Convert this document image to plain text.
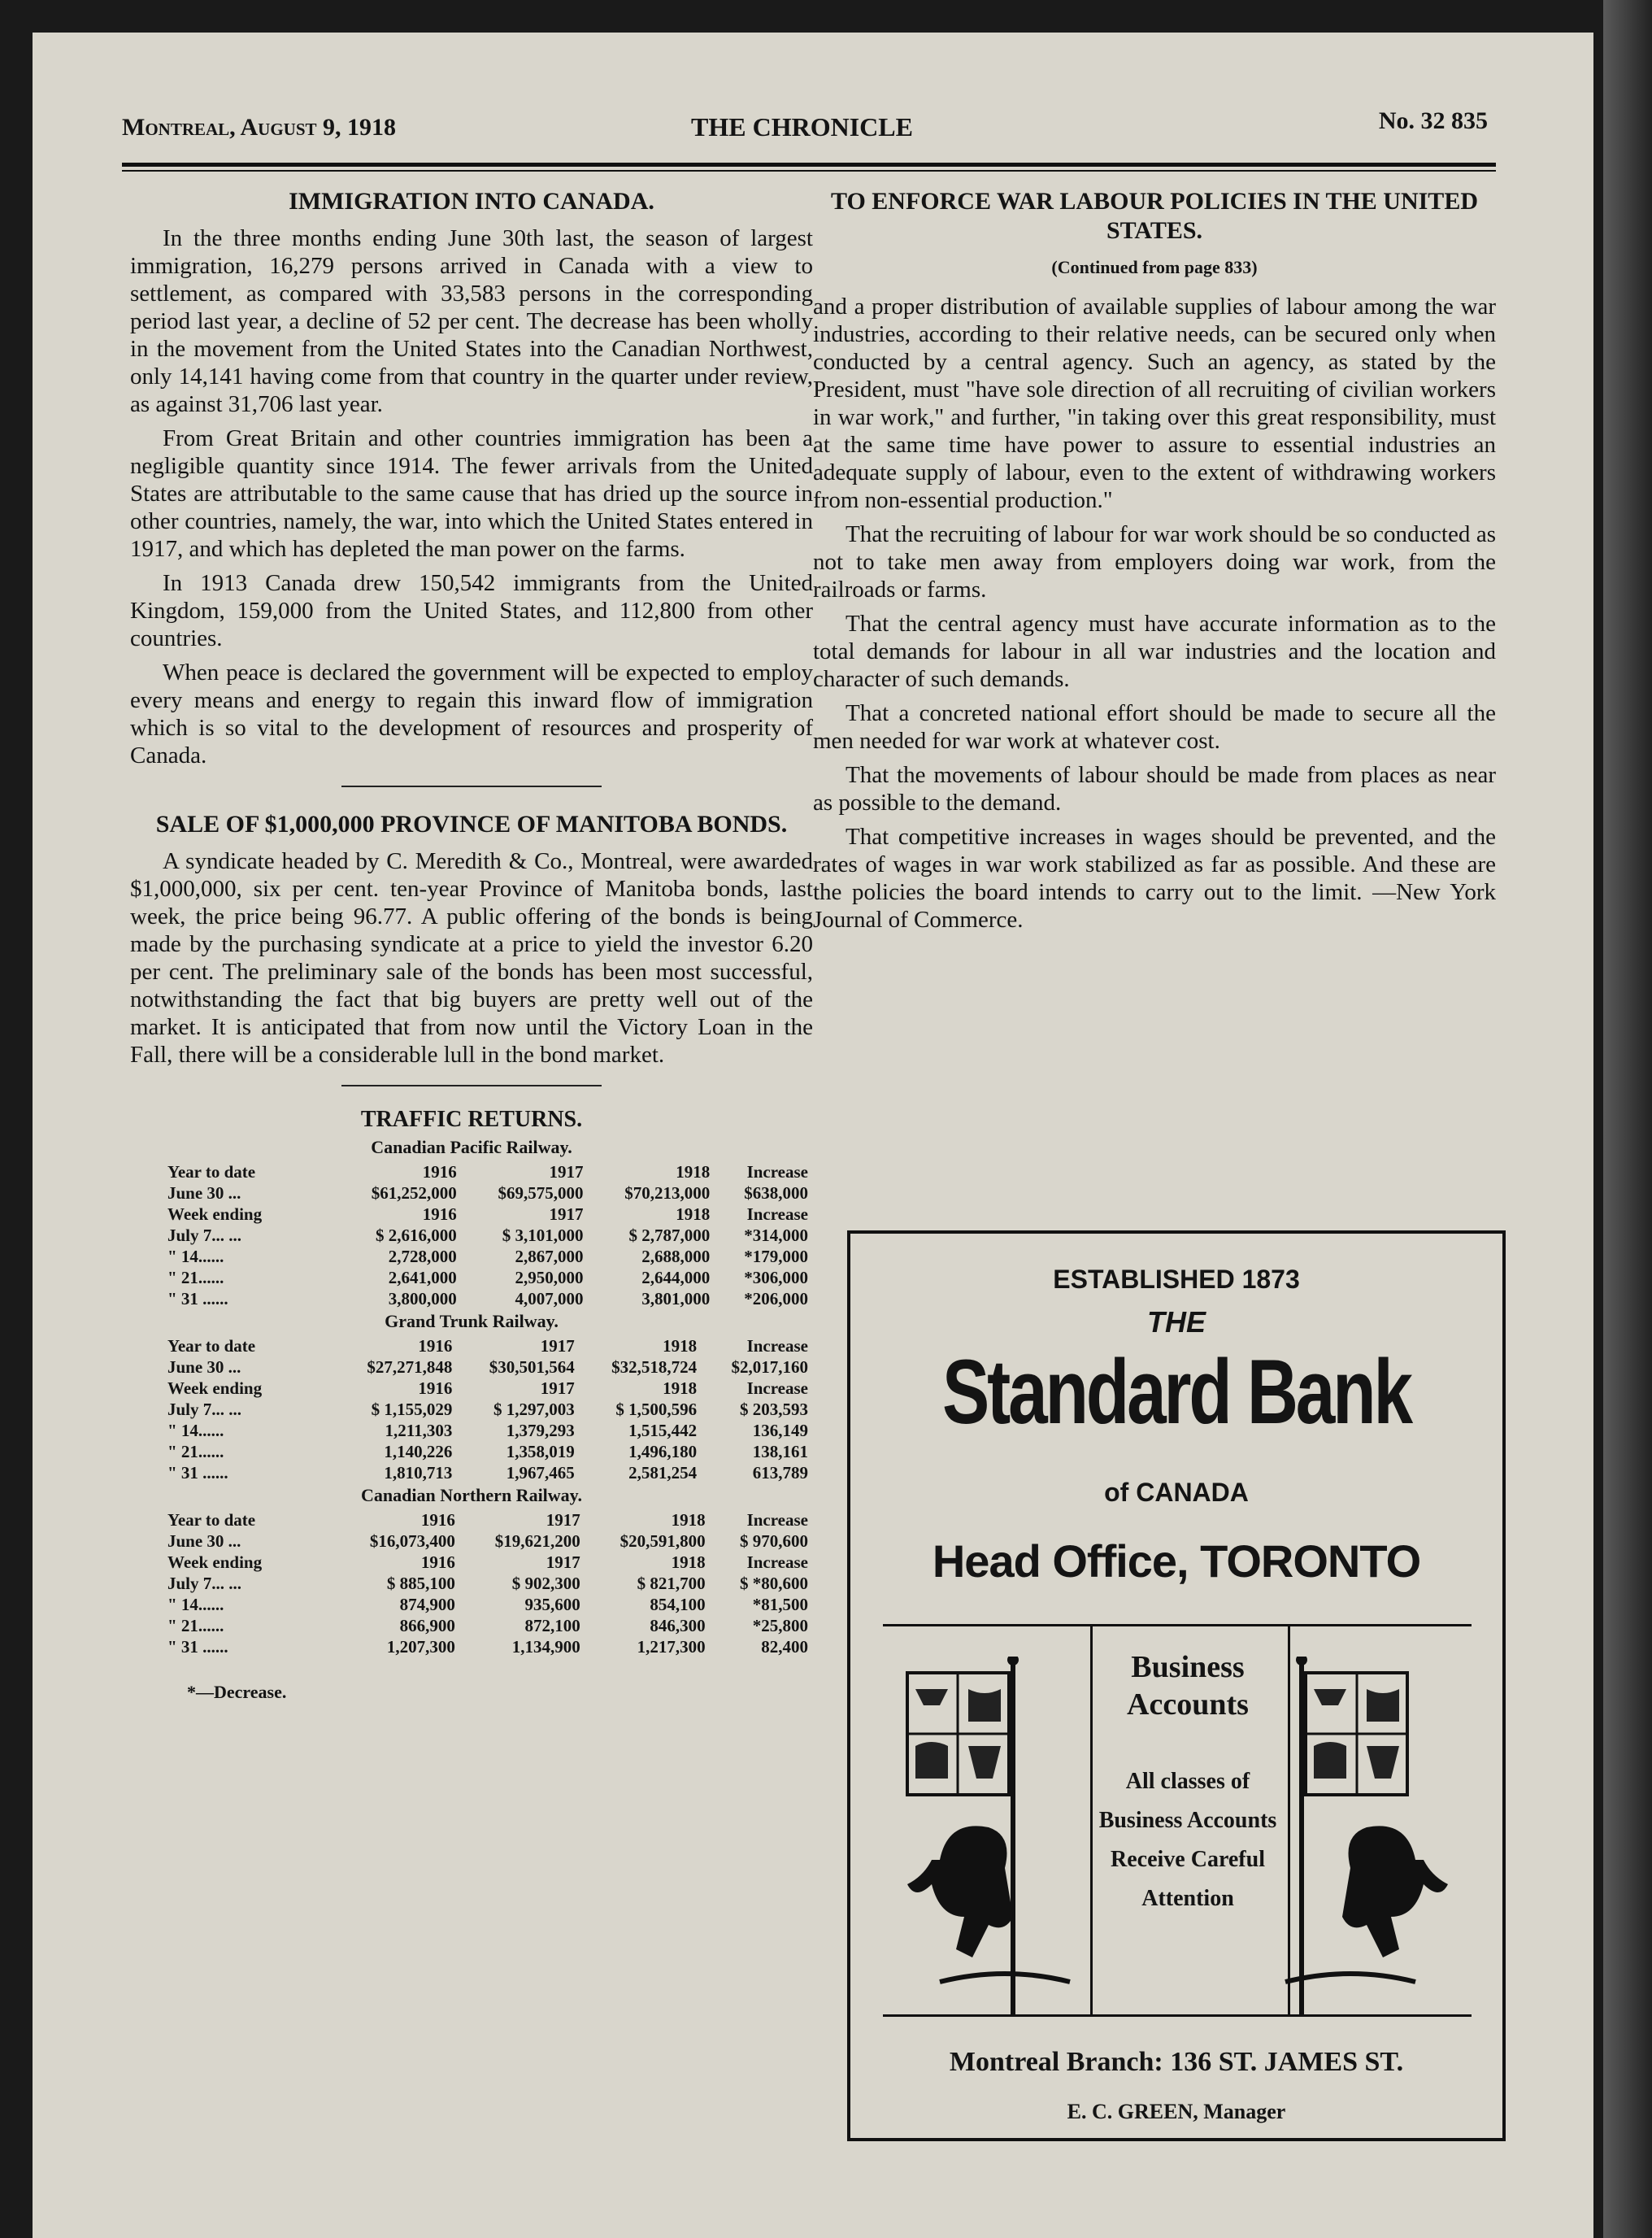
Montreal, August 9, 1918	THE CHRONICLE	No. 32 835
IMMIGRATION INTO CANADA.

In the three months ending June 30th last, the season of largest immigration, 16,279 persons arrived in Canada with a view to settlement, as compared with 33,583 persons in the corresponding period last year, a decline of 52 per cent. The decrease has been wholly in the movement from the United States into the Canadian Northwest, only 14,141 having come from that country in the quarter under review, as against 31,706 last year.

From Great Britain and other countries immigration has been a negligible quantity since 1914. The fewer arrivals from the United States are attributable to the same cause that has dried up the source in other countries, namely, the war, into which the United States entered in 1917, and which has depleted the man power on the farms.

In 1913 Canada drew 150,542 immigrants from the United Kingdom, 159,000 from the United States, and 112,800 from other countries.

When peace is declared the government will be expected to employ every means and energy to regain this inward flow of immigration which is so vital to the development of resources and prosperity of Canada.

SALE OF $1,000,000 PROVINCE OF MANITOBA BONDS.

A syndicate headed by C. Meredith & Co., Montreal, were awarded $1,000,000, six per cent. ten-year Province of Manitoba bonds, last week, the price being 96.77. A public offering of the bonds is being made by the purchasing syndicate at a price to yield the investor 6.20 per cent. The preliminary sale of the bonds has been most successful, notwithstanding the fact that big buyers are pretty well out of the market. It is anticipated that from now until the Victory Loan in the Fall, there will be a considerable lull in the bond market.

TRAFFIC RETURNS.
Canadian Pacific Railway.
Year to date	1916	1917	1918	Increase
June 30 ...	$61,252,000	$69,575,000	$70,213,000	$638,000
Week ending	1916	1917	1918	Increase
July 7... ...	$ 2,616,000	$ 3,101,000	$ 2,787,000	*314,000
" 14......	2,728,000	2,867,000	2,688,000	*179,000
" 21......	2,641,000	2,950,000	2,644,000	*306,000
" 31 ......	3,800,000	4,007,000	3,801,000	*206,000
Grand Trunk Railway.
Year to date	1916	1917	1918	Increase
June 30 ...	$27,271,848	$30,501,564	$32,518,724	$2,017,160
Week ending	1916	1917	1918	Increase
July 7... ...	$ 1,155,029	$ 1,297,003	$ 1,500,596	$ 203,593
" 14......	1,211,303	1,379,293	1,515,442	136,149
" 21......	1,140,226	1,358,019	1,496,180	138,161
" 31 ......	1,810,713	1,967,465	2,581,254	613,789
Canadian Northern Railway.
Year to date	1916	1917	1918	Increase
June 30 ...	$16,073,400	$19,621,200	$20,591,800	$ 970,600
Week ending	1916	1917	1918	Increase
July 7... ...	$ 885,100	$ 902,300	$ 821,700	$ *80,600
" 14......	874,900	935,600	854,100	*81,500
" 21......	866,900	872,100	846,300	*25,800
" 31 ......	1,207,300	1,134,900	1,217,300	82,400
*—Decrease.
TO ENFORCE WAR LABOUR POLICIES IN THE UNITED STATES.
(Continued from page 833)

and a proper distribution of available supplies of labour among the war industries, according to their relative needs, can be secured only when conducted by a central agency. Such an agency, as stated by the President, must "have sole direction of all recruiting of civilian workers in war work," and further, "in taking over this great responsibility, must at the same time have power to assure to essential industries an adequate supply of labour, even to the extent of withdrawing workers from non-essential production."

That the recruiting of labour for war work should be so conducted as not to take men away from employers doing war work, from the railroads or farms.

That the central agency must have accurate information as to the total demands for labour in all war industries and the location and character of such demands.

That a concreted national effort should be made to secure all the men needed for war work at whatever cost.

That the movements of labour should be made from places as near as possible to the demand.

That competitive increases in wages should be prevented, and the rates of wages in war work stabilized as far as possible. And these are the policies the board intends to carry out to the limit. —New York Journal of Commerce.

ESTABLISHED 1873
THE
Standard Bank
of CANADA
Head Office, TORONTO
Business Accounts
All classes of Business Accounts Receive Careful Attention
Montreal Branch: 136 ST. JAMES ST.
E. C. GREEN, Manager
